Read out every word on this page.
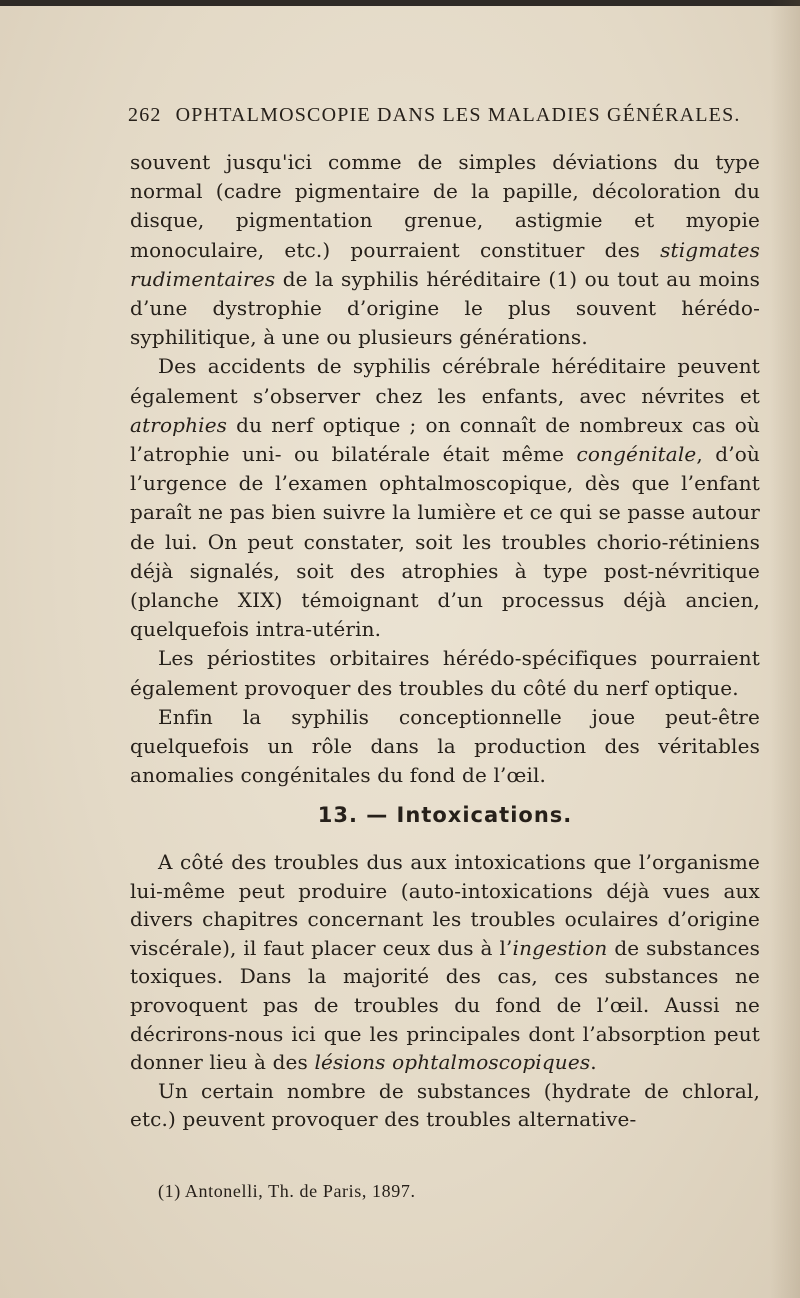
262 OPHTALMOSCOPIE DANS LES MALADIES GÉNÉRALES.

souvent jusqu'ici comme de simples déviations du type normal (cadre pigmentaire de la papille, décoloration du disque, pigmentation grenue, astigmie et myopie monoculaire, etc.) pourraient constituer des stigmates rudimentaires de la syphilis héréditaire (1) ou tout au moins d’une dystrophie d’origine le plus souvent hérédo-syphilitique, à une ou plusieurs générations.

Des accidents de syphilis cérébrale héréditaire peuvent également s’observer chez les enfants, avec névrites et atrophies du nerf optique ; on connaît de nombreux cas où l’atrophie uni- ou bilatérale était même congénitale, d’où l’urgence de l’examen ophtalmoscopique, dès que l’enfant paraît ne pas bien suivre la lumière et ce qui se passe autour de lui. On peut constater, soit les troubles chorio-rétiniens déjà signalés, soit des atrophies à type post-névritique (planche XIX) témoignant d’un processus déjà ancien, quelquefois intra-utérin.

Les périostites orbitaires hérédo-spécifiques pourraient également provoquer des troubles du côté du nerf optique.

Enfin la syphilis conceptionnelle joue peut-être quelquefois un rôle dans la production des véritables anomalies congénitales du fond de l’œil.

13. — Intoxications.

A côté des troubles dus aux intoxications que l’organisme lui-même peut produire (auto-intoxications déjà vues aux divers chapitres concernant les troubles oculaires d’origine viscérale), il faut placer ceux dus à l’ingestion de substances toxiques. Dans la majorité des cas, ces substances ne provoquent pas de troubles du fond de l’œil. Aussi ne décrirons-nous ici que les principales dont l’absorption peut donner lieu à des lésions ophtalmoscopiques.

Un certain nombre de substances (hydrate de chloral, etc.) peuvent provoquer des troubles alternative-

(1) Antonelli, Th. de Paris, 1897.
